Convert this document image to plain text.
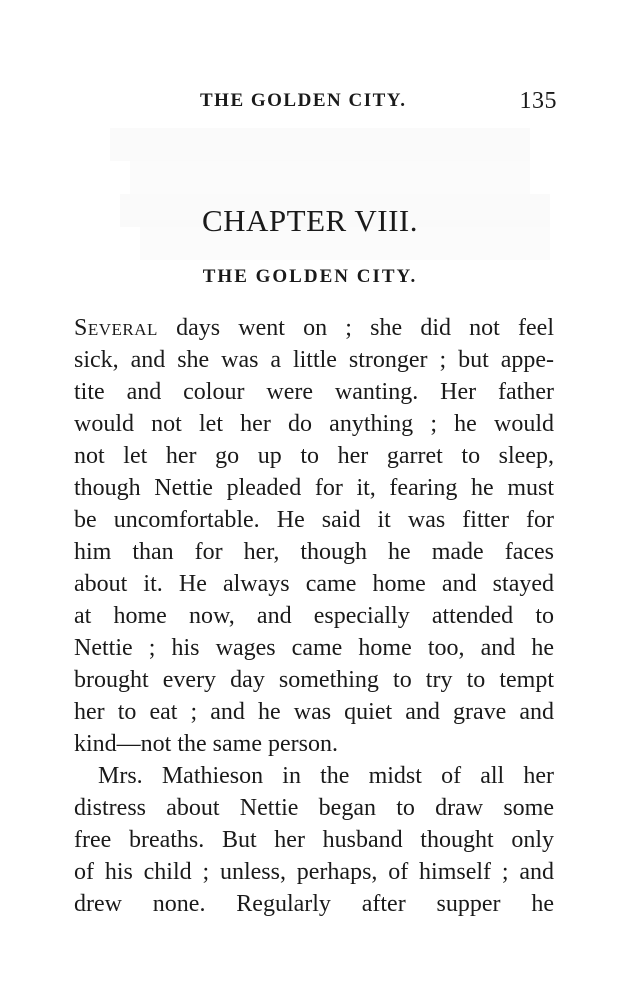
THE GOLDEN CITY.	135
CHAPTER VIII.
THE GOLDEN CITY.
Several days went on ; she did not feel
sick, and she was a little stronger ; but appe-
tite and colour were wanting. Her father
would not let her do anything ; he would
not let her go up to her garret to sleep,
though Nettie pleaded for it, fearing he must
be uncomfortable. He said it was fitter for
him than for her, though he made faces
about it. He always came home and stayed
at home now, and especially attended to
Nettie ; his wages came home too, and he
brought every day something to try to tempt
her to eat ; and he was quiet and grave and
kind—not the same person.
Mrs. Mathieson in the midst of all her
distress about Nettie began to draw some
free breaths. But her husband thought only
of his child ; unless, perhaps, of himself ; and
drew none. Regularly after supper he
